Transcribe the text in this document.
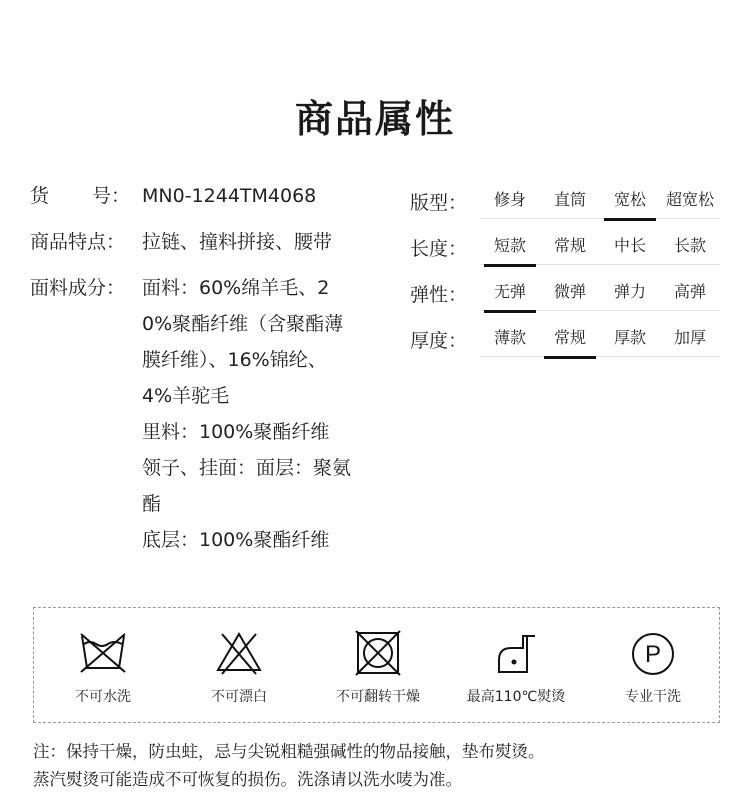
商品属性
货 号： MN0-1244TM4068
商品特点： 拉链、撞料拼接、腰带
面料成分： 面料：60%绵羊毛、20%聚酯纤维（含聚酯薄膜纤维）、16%锦纶、4%羊驼毛
里料：100%聚酯纤维
领子、挂面：面层：聚氨酯
底层：100%聚酯纤维
版型：	修身	直筒	宽松	超宽松
长度：	短款	常规	中长	长款
弹性：	无弹	微弹	弹力	高弹
厚度：	薄款	常规	厚款	加厚
不可水洗	不可漂白	不可翻转干燥	最高110℃熨烫
P
专业干洗
注：保持干燥，防虫蛀，忌与尖锐粗糙强碱性的物品接触，垫布熨烫。
蒸汽熨烫可能造成不可恢复的损伤。洗涤请以洗水唛为准。
